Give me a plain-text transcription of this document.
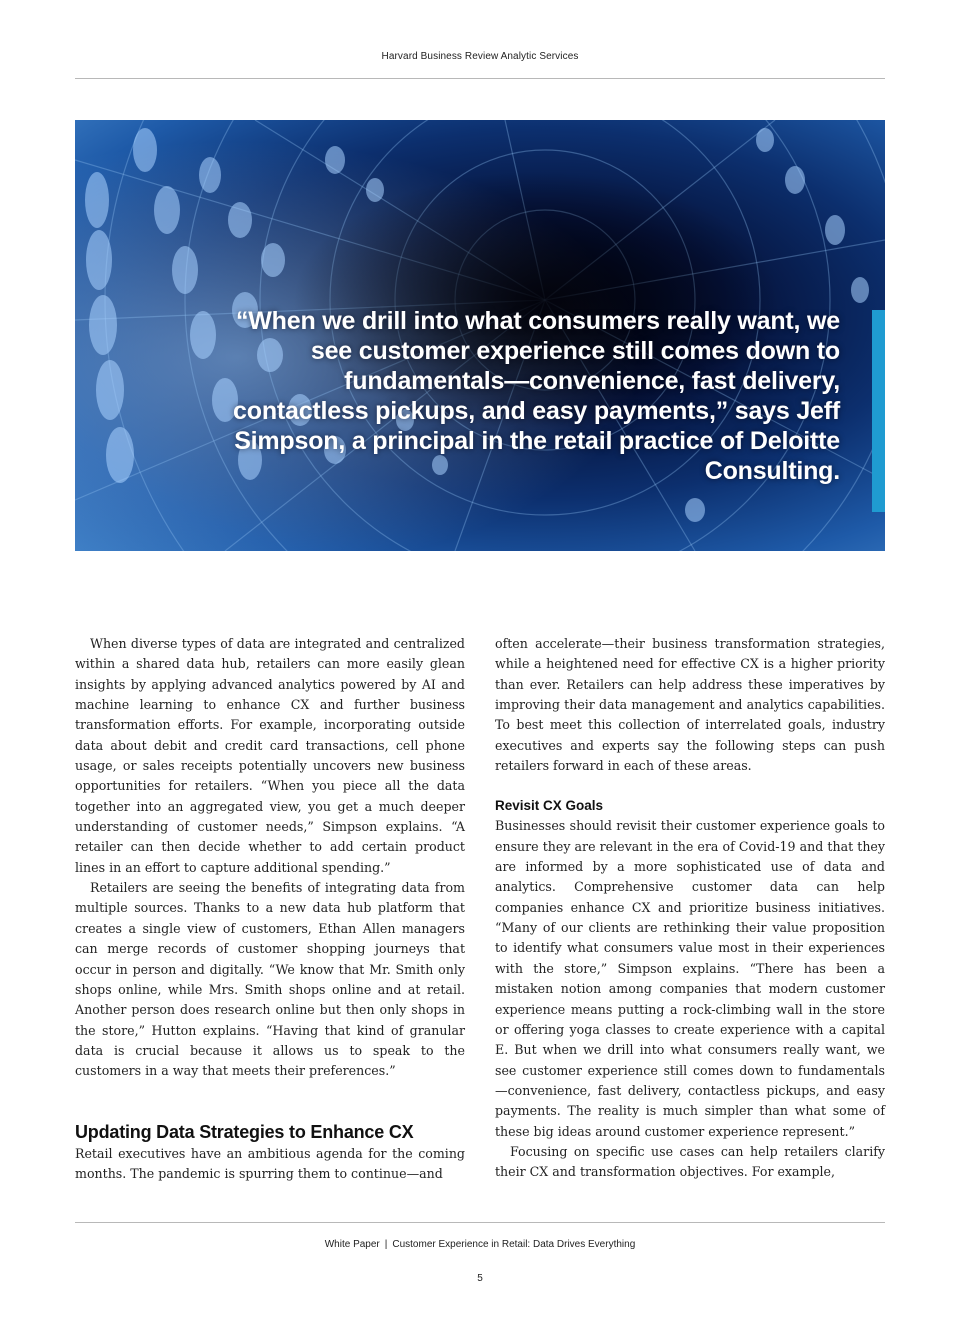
Harvard Business Review Analytic Services
“When we drill into what consumers really want, we see customer experience still comes down to fundamentals—convenience, fast delivery, contactless pickups, and easy payments,” says Jeff Simpson, a principal in the retail practice of Deloitte Consulting.

When diverse types of data are integrated and centralized within a shared data hub, retailers can more easily glean insights by applying advanced analytics powered by AI and machine learning to enhance CX and further business transformation efforts. For example, incorporating outside data about debit and credit card transactions, cell phone usage, or sales receipts potentially uncovers new business opportunities for retailers. “When you piece all the data together into an aggregated view, you get a much deeper understanding of customer needs,” Simpson explains. “A retailer can then decide whether to add certain product lines in an effort to capture additional spending.”

Retailers are seeing the benefits of integrating data from multiple sources. Thanks to a new data hub platform that creates a single view of customers, Ethan Allen managers can merge records of customer shopping journeys that occur in person and digitally. “We know that Mr. Smith only shops online, while Mrs. Smith shops online and at retail. Another person does research online but then only shops in the store,” Hutton explains. “Having that kind of granular data is crucial because it allows us to speak to the customers in a way that meets their preferences.”

Updating Data Strategies to Enhance CX

Retail executives have an ambitious agenda for the coming months. The pandemic is spurring them to continue—and

often accelerate—their business transformation strategies, while a heightened need for effective CX is a higher priority than ever. Retailers can help address these imperatives by improving their data management and analytics capabilities. To best meet this collection of interrelated goals, industry executives and experts say the following steps can push retailers forward in each of these areas.

Revisit CX Goals

Businesses should revisit their customer experience goals to ensure they are relevant in the era of Covid-19 and that they are informed by a more sophisticated use of data and analytics. Comprehensive customer data can help companies enhance CX and prioritize business initiatives. “Many of our clients are rethinking their value proposition to identify what consumers value most in their experiences with the store,” Simpson explains. “There has been a mistaken notion among companies that modern customer experience means putting a rock-climbing wall in the store or offering yoga classes to create experience with a capital E. But when we drill into what consumers really want, we see customer experience still comes down to fundamentals—convenience, fast delivery, contactless pickups, and easy payments. The reality is much simpler than what some of these big ideas around customer experience represent.”

Focusing on specific use cases can help retailers clarify their CX and transformation objectives. For example,

White Paper | Customer Experience in Retail: Data Drives Everything
5
